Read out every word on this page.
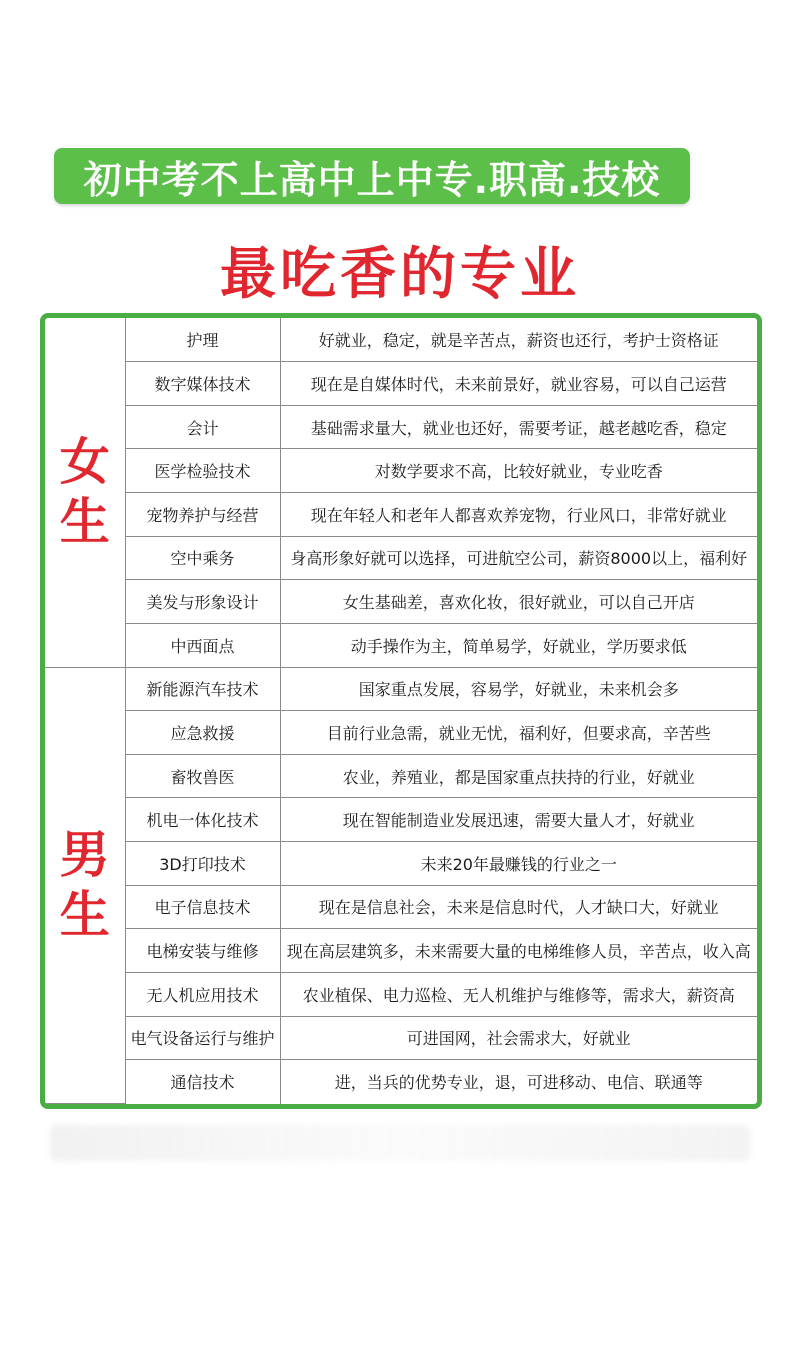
初中考不上高中上中专.职高.技校
最吃香的专业
女
生	护理	好就业，稳定，就是辛苦点，薪资也还行，考护士资格证
	数字媒体技术	现在是自媒体时代，未来前景好，就业容易，可以自己运营
	会计	基础需求量大，就业也还好，需要考证，越老越吃香，稳定
	医学检验技术	对数学要求不高，比较好就业，专业吃香
	宠物养护与经营	现在年轻人和老年人都喜欢养宠物，行业风口，非常好就业
	空中乘务	身高形象好就可以选择，可进航空公司，薪资8000以上，福利好
	美发与形象设计	女生基础差，喜欢化妆，很好就业，可以自己开店
	中西面点	动手操作为主，简单易学，好就业，学历要求低

男
生	新能源汽车技术	国家重点发展，容易学，好就业，未来机会多
	应急救援	目前行业急需，就业无忧，福利好，但要求高，辛苦些
	畜牧兽医	农业，养殖业，都是国家重点扶持的行业，好就业
	机电一体化技术	现在智能制造业发展迅速，需要大量人才，好就业
	3D打印技术	未来20年最赚钱的行业之一
	电子信息技术	现在是信息社会，未来是信息时代，人才缺口大，好就业
	电梯安装与维修	现在高层建筑多，未来需要大量的电梯维修人员，辛苦点，收入高
	无人机应用技术	农业植保、电力巡检、无人机维护与维修等，需求大，薪资高
	电气设备运行与维护	可进国网，社会需求大，好就业
	通信技术	进，当兵的优势专业，退，可进移动、电信、联通等
